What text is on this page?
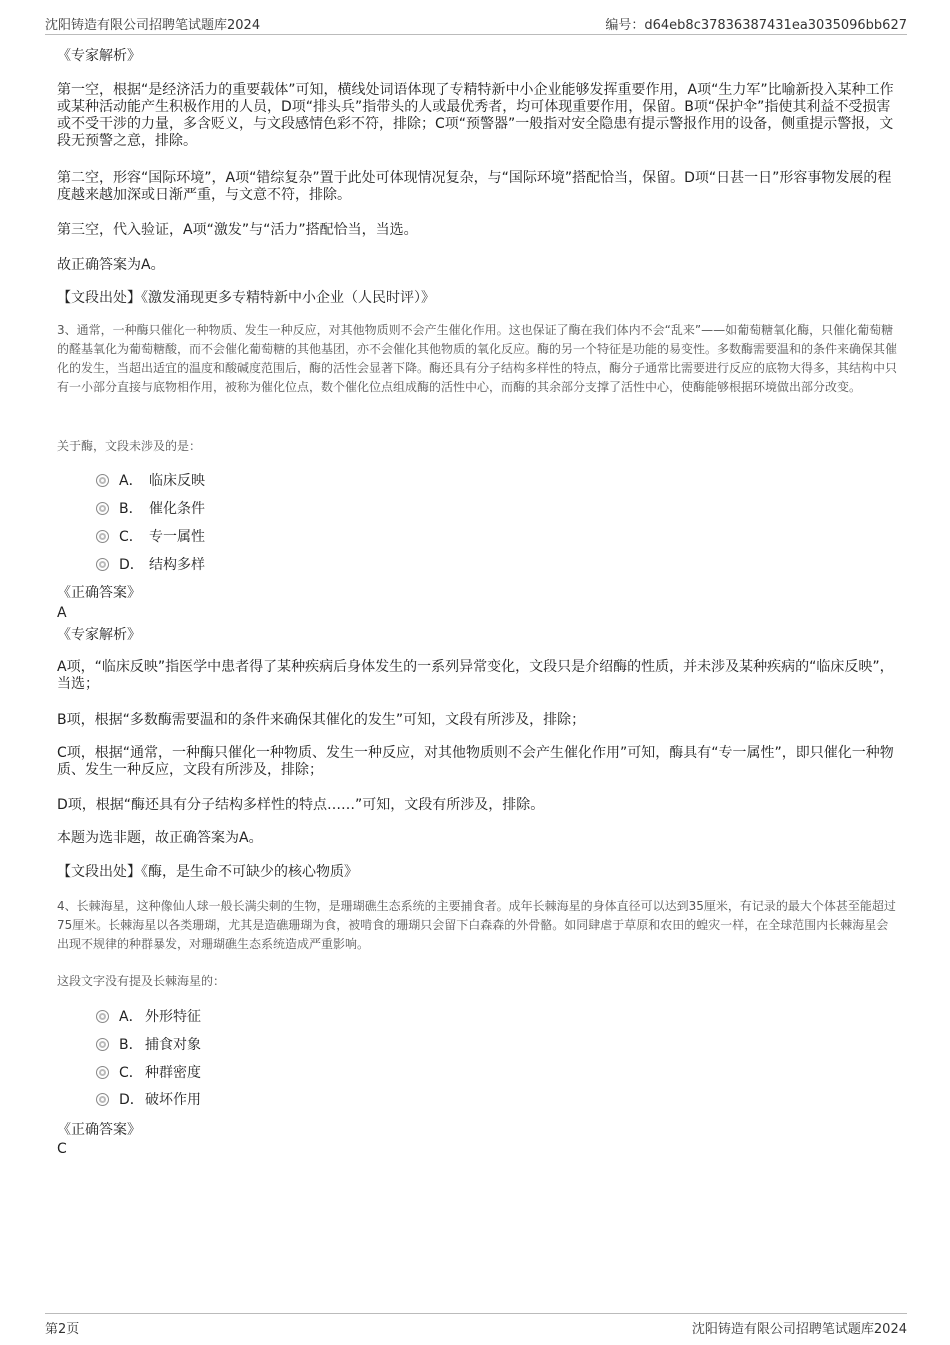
沈阳铸造有限公司招聘笔试题库2024	编号：d64eb8c37836387431ea3035096bb627
《专家解析》
第一空，根据“是经济活力的重要载体”可知，横线处词语体现了专精特新中小企业能够发挥重要作用，A项“生力军”比喻新投入某种工作或某种活动能产生积极作用的人员，D项“排头兵”指带头的人或最优秀者，均可体现重要作用，保留。B项“保护伞”指使其利益不受损害或不受干涉的力量，多含贬义，与文段感情色彩不符，排除；C项“预警器”一般指对安全隐患有提示警报作用的设备，侧重提示警报，文段无预警之意，排除。
第二空，形容“国际环境”，A项“错综复杂”置于此处可体现情况复杂，与“国际环境”搭配恰当，保留。D项“日甚一日”形容事物发展的程度越来越加深或日渐严重，与文意不符，排除。
第三空，代入验证，A项“激发”与“活力”搭配恰当，当选。
故正确答案为A。
【文段出处】《激发涌现更多专精特新中小企业（人民时评）》
3、通常，一种酶只催化一种物质、发生一种反应，对其他物质则不会产生催化作用。这也保证了酶在我们体内不会“乱来”——如葡萄糖氧化酶，只催化葡萄糖的醛基氧化为葡萄糖酸，而不会催化葡萄糖的其他基团，亦不会催化其他物质的氧化反应。酶的另一个特征是功能的易变性。多数酶需要温和的条件来确保其催化的发生，当超出适宜的温度和酸碱度范围后，酶的活性会显著下降。酶还具有分子结构多样性的特点，酶分子通常比需要进行反应的底物大得多，其结构中只有一小部分直接与底物相作用，被称为催化位点，数个催化位点组成酶的活性中心，而酶的其余部分支撑了活性中心，使酶能够根据环境做出部分改变。
关于酶，文段未涉及的是：
A． 临床反映
B． 催化条件
C． 专一属性
D． 结构多样
《正确答案》
A
《专家解析》
A项，“临床反映”指医学中患者得了某种疾病后身体发生的一系列异常变化，文段只是介绍酶的性质，并未涉及某种疾病的“临床反映”，当选；
B项，根据“多数酶需要温和的条件来确保其催化的发生”可知，文段有所涉及，排除；
C项，根据“通常，一种酶只催化一种物质、发生一种反应，对其他物质则不会产生催化作用”可知，酶具有“专一属性”，即只催化一种物质、发生一种反应，文段有所涉及，排除；
D项，根据“酶还具有分子结构多样性的特点……”可知，文段有所涉及，排除。
本题为选非题，故正确答案为A。
【文段出处】《酶，是生命不可缺少的核心物质》
4、长棘海星，这种像仙人球一般长满尖刺的生物，是珊瑚礁生态系统的主要捕食者。成年长棘海星的身体直径可以达到35厘米，有记录的最大个体甚至能超过75厘米。长棘海星以各类珊瑚，尤其是造礁珊瑚为食，被啃食的珊瑚只会留下白森森的外骨骼。如同肆虐于草原和农田的蝗灾一样，在全球范围内长棘海星会出现不规律的种群暴发，对珊瑚礁生态系统造成严重影响。
这段文字没有提及长棘海星的：
A． 外形特征
B． 捕食对象
C． 种群密度
D．破坏作用
《正确答案》
C
第2页	沈阳铸造有限公司招聘笔试题库2024
